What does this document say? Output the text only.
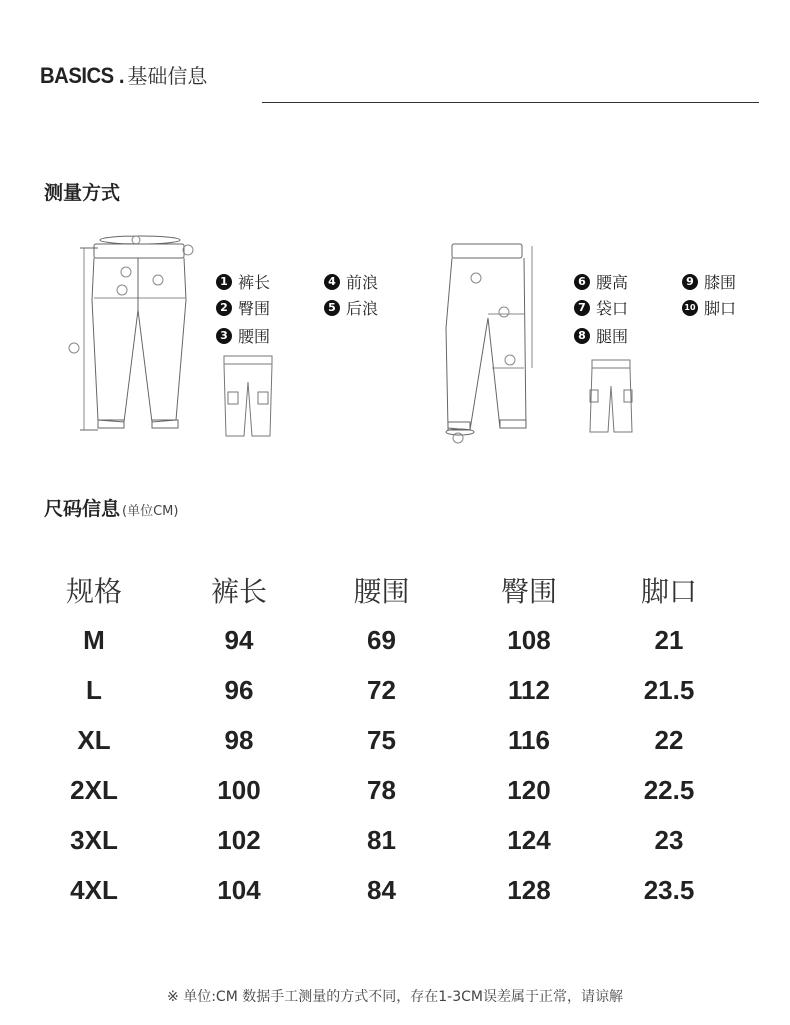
BASICS . 基础信息
测量方式
1 裤长
2 臀围
3 腰围
4 前浪
5 后浪
6 腰高
7 袋口
8 腿围
9 膝围
10 脚口
尺码信息 (单位CM)
规格	裤长	腰围	臀围	脚口
M	94	69	108	21
L	96	72	112	21.5
XL	98	75	116	22
2XL	100	78	120	22.5
3XL	102	81	124	23
4XL	104	84	128	23.5
※ 单位:CM 数据手工测量的方式不同，存在1-3CM误差属于正常，请谅解
